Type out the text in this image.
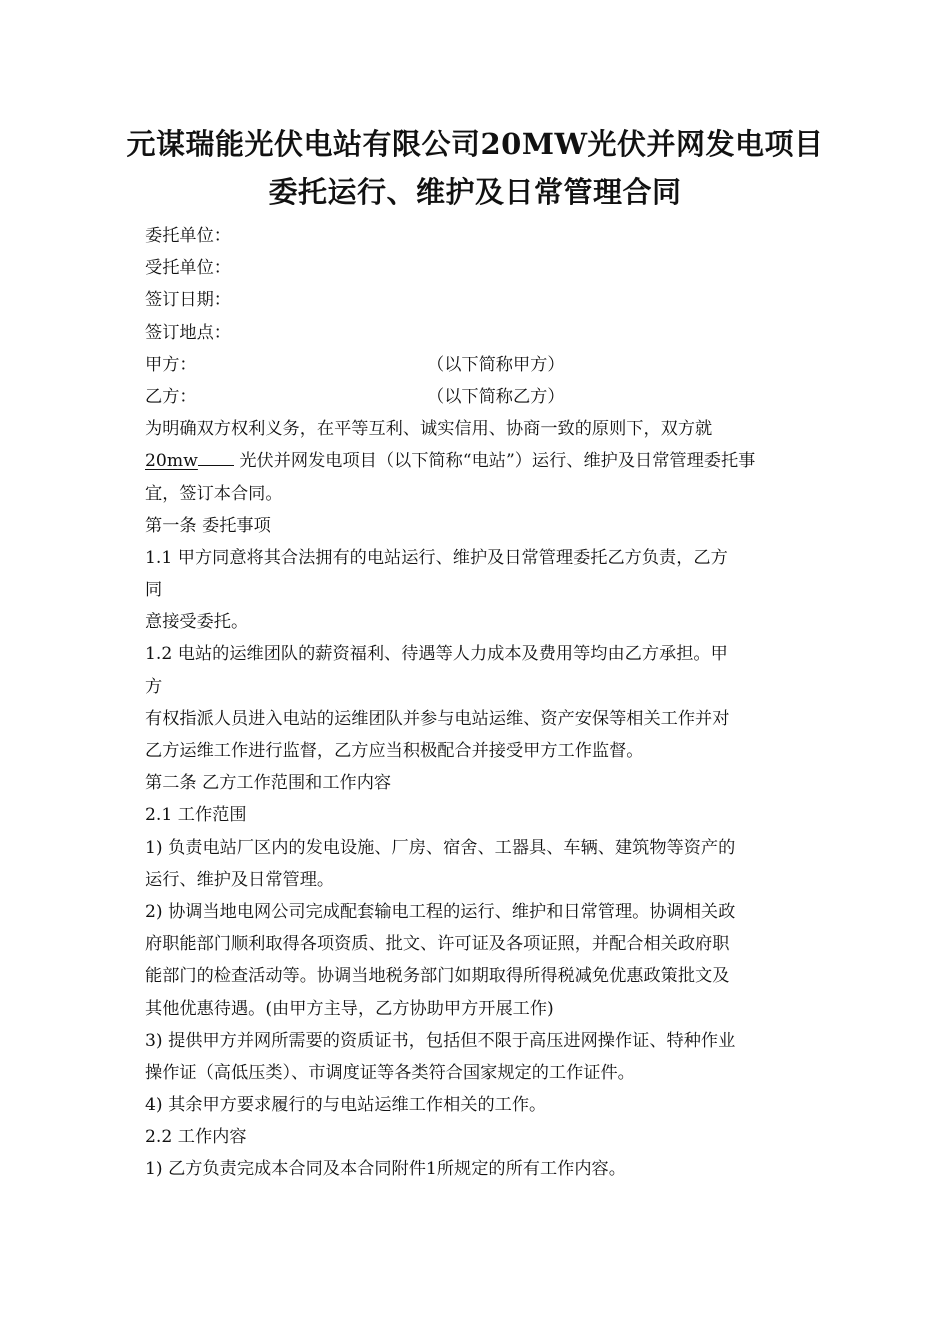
元谋瑞能光伏电站有限公司20MW光伏并网发电项目
委托运行、维护及日常管理合同
委托单位：
受托单位：
签订日期：
签订地点：
甲方：	（以下简称甲方）
乙方：	（以下简称乙方）
为明确双方权利义务，在平等互利、诚实信用、协商一致的原则下，双方就
20mw 光伏并网发电项目（以下简称“电站”）运行、维护及日常管理委托事
宜，签订本合同。
第一条 委托事项
1.1 甲方同意将其合法拥有的电站运行、维护及日常管理委托乙方负责，乙方
同
意接受委托。
1.2 电站的运维团队的薪资福利、待遇等人力成本及费用等均由乙方承担。甲
方
有权指派人员进入电站的运维团队并参与电站运维、资产安保等相关工作并对
乙方运维工作进行监督，乙方应当积极配合并接受甲方工作监督。
第二条 乙方工作范围和工作内容
2.1 工作范围
1) 负责电站厂区内的发电设施、厂房、宿舍、工器具、车辆、建筑物等资产的
运行、维护及日常管理。
2) 协调当地电网公司完成配套输电工程的运行、维护和日常管理。协调相关政
府职能部门顺利取得各项资质、批文、许可证及各项证照，并配合相关政府职
能部门的检查活动等。协调当地税务部门如期取得所得税减免优惠政策批文及
其他优惠待遇。(由甲方主导，乙方协助甲方开展工作)
3) 提供甲方并网所需要的资质证书，包括但不限于高压进网操作证、特种作业
操作证（高低压类）、市调度证等各类符合国家规定的工作证件。
4) 其余甲方要求履行的与电站运维工作相关的工作。
2.2 工作内容
1) 乙方负责完成本合同及本合同附件1所规定的所有工作内容。
